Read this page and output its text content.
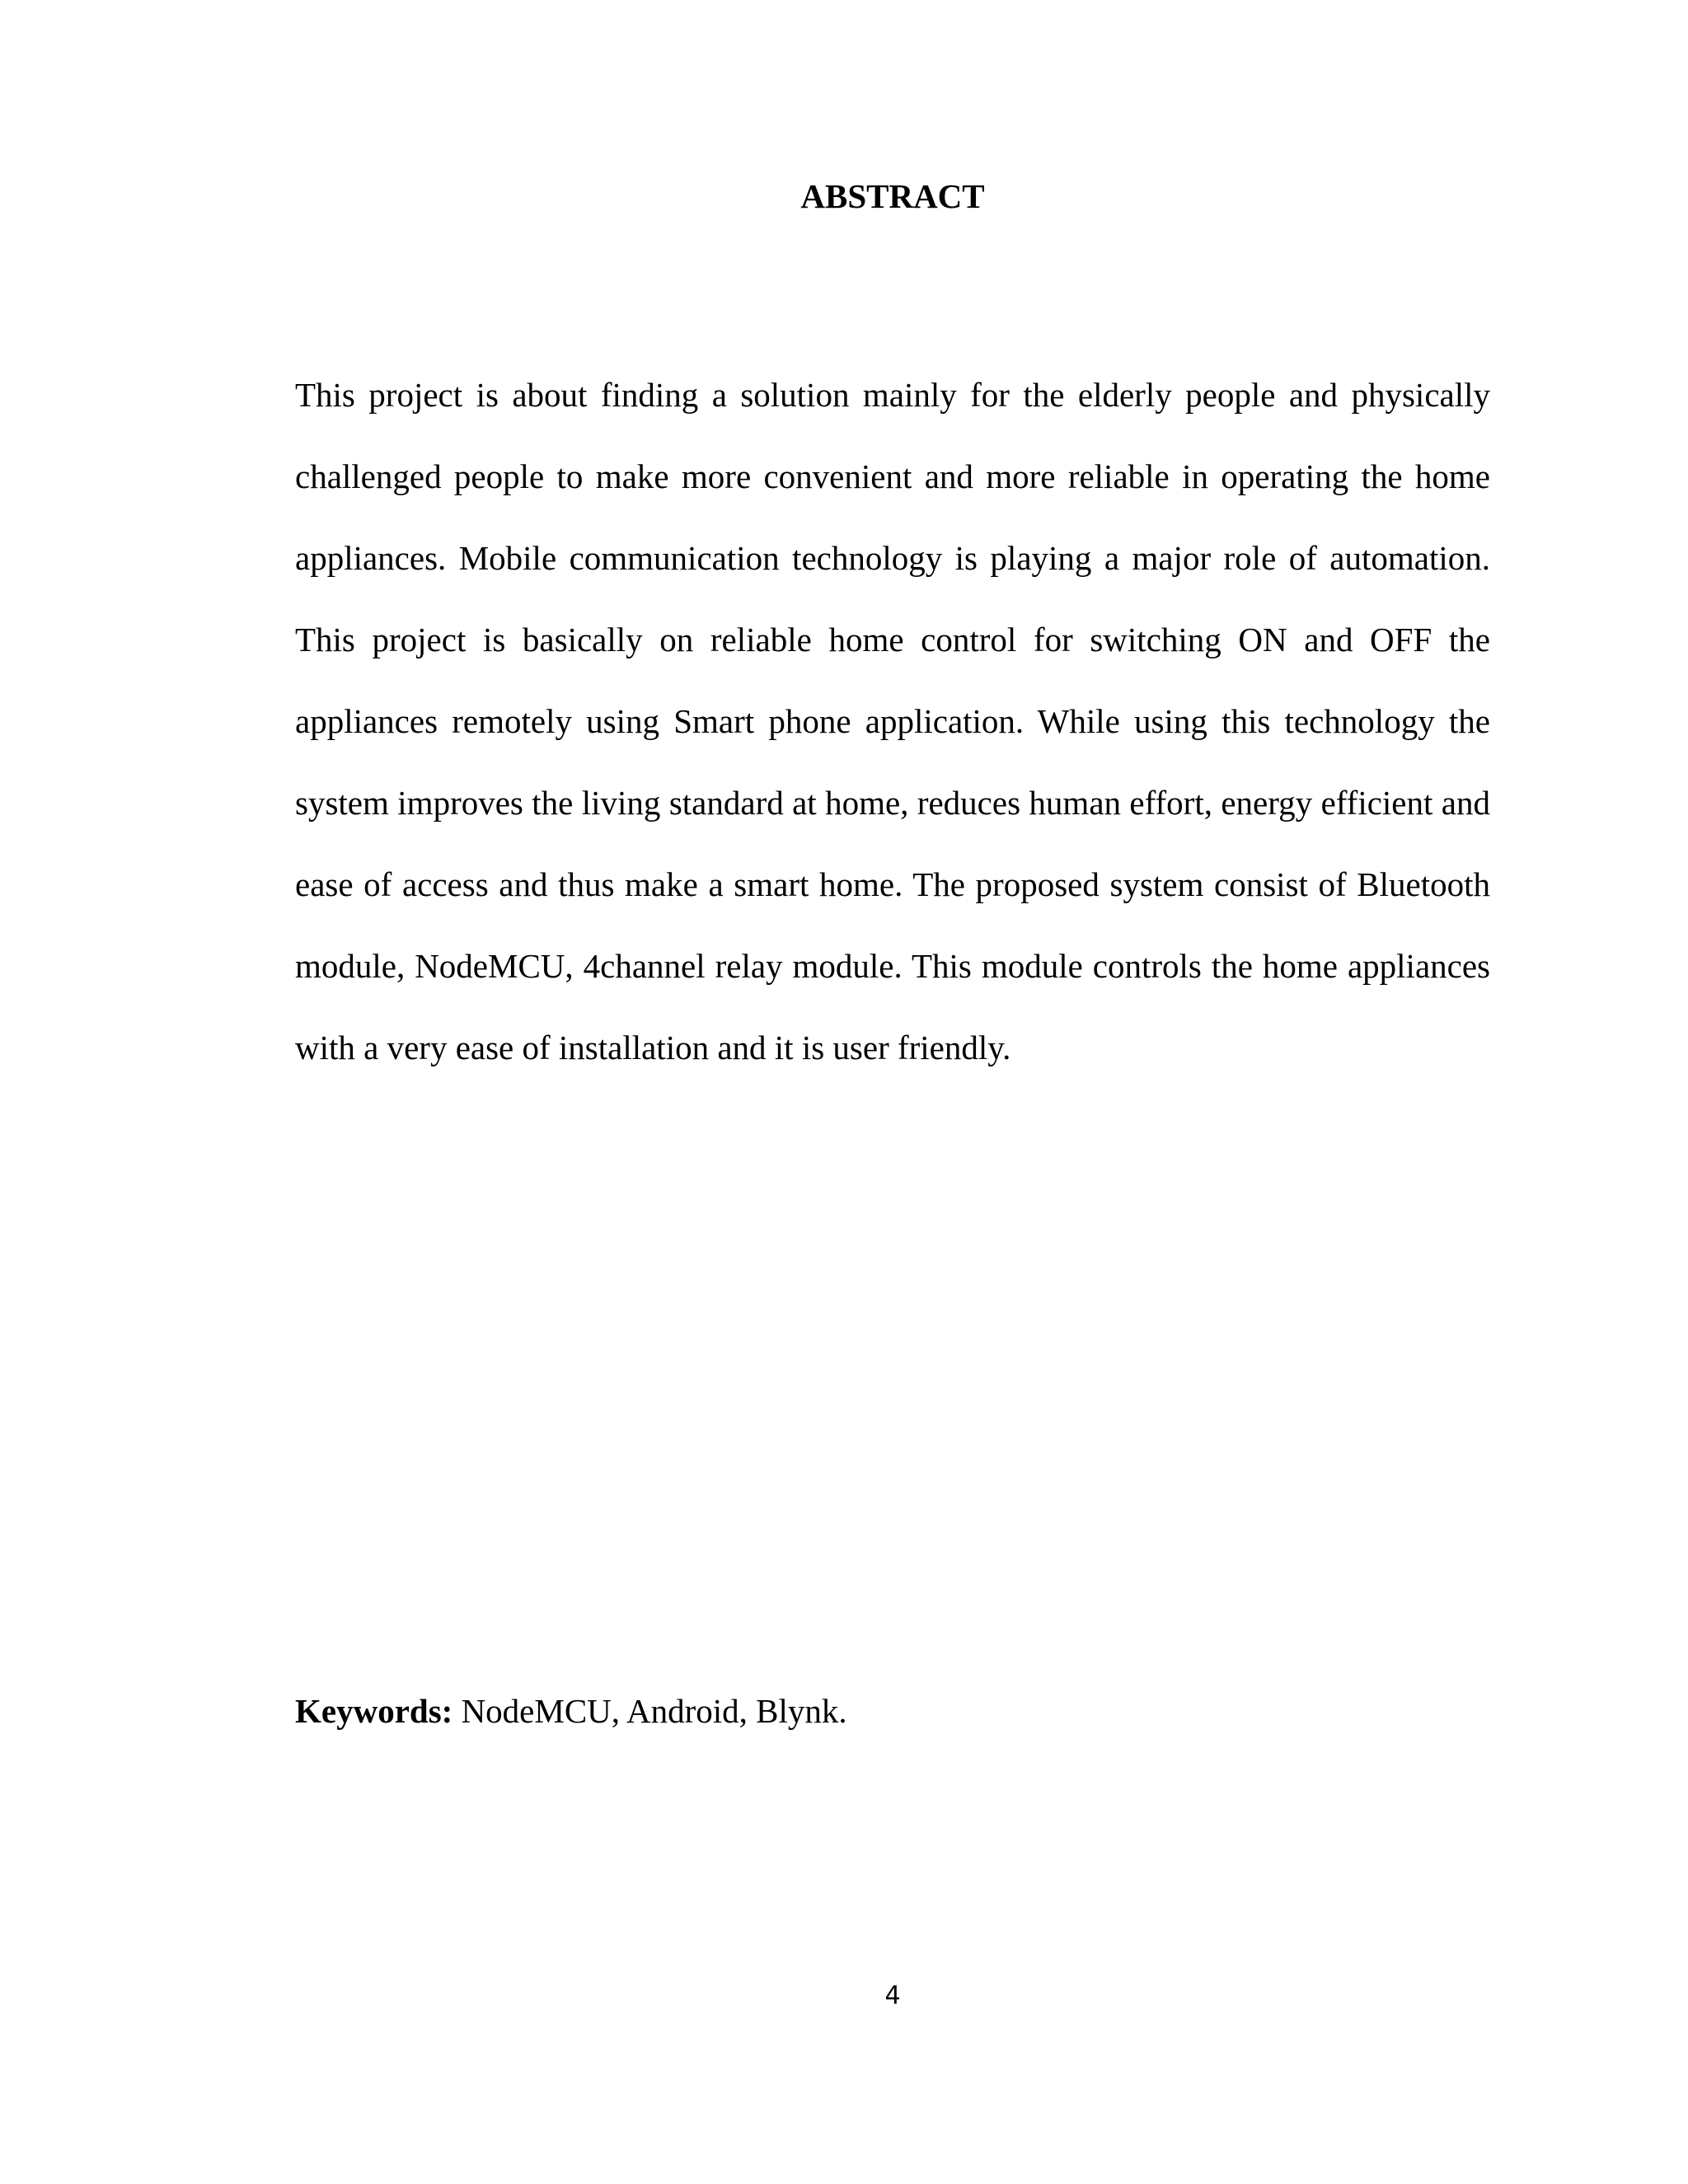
ABSTRACT

This project is about finding a solution mainly for the elderly people and physically challenged people to make more convenient and more reliable in operating the home appliances. Mobile communication technology is playing a major role of automation. This project is basically on reliable home control for switching ON and OFF the appliances remotely using Smart phone application. While using this technology the system improves the living standard at home, reduces human effort, energy efficient and ease of access and thus make a smart home. The proposed system consist of Bluetooth module, NodeMCU, 4channel relay module. This module controls the home appliances with a very ease of installation and it is user friendly.

Keywords: NodeMCU, Android, Blynk.

4
